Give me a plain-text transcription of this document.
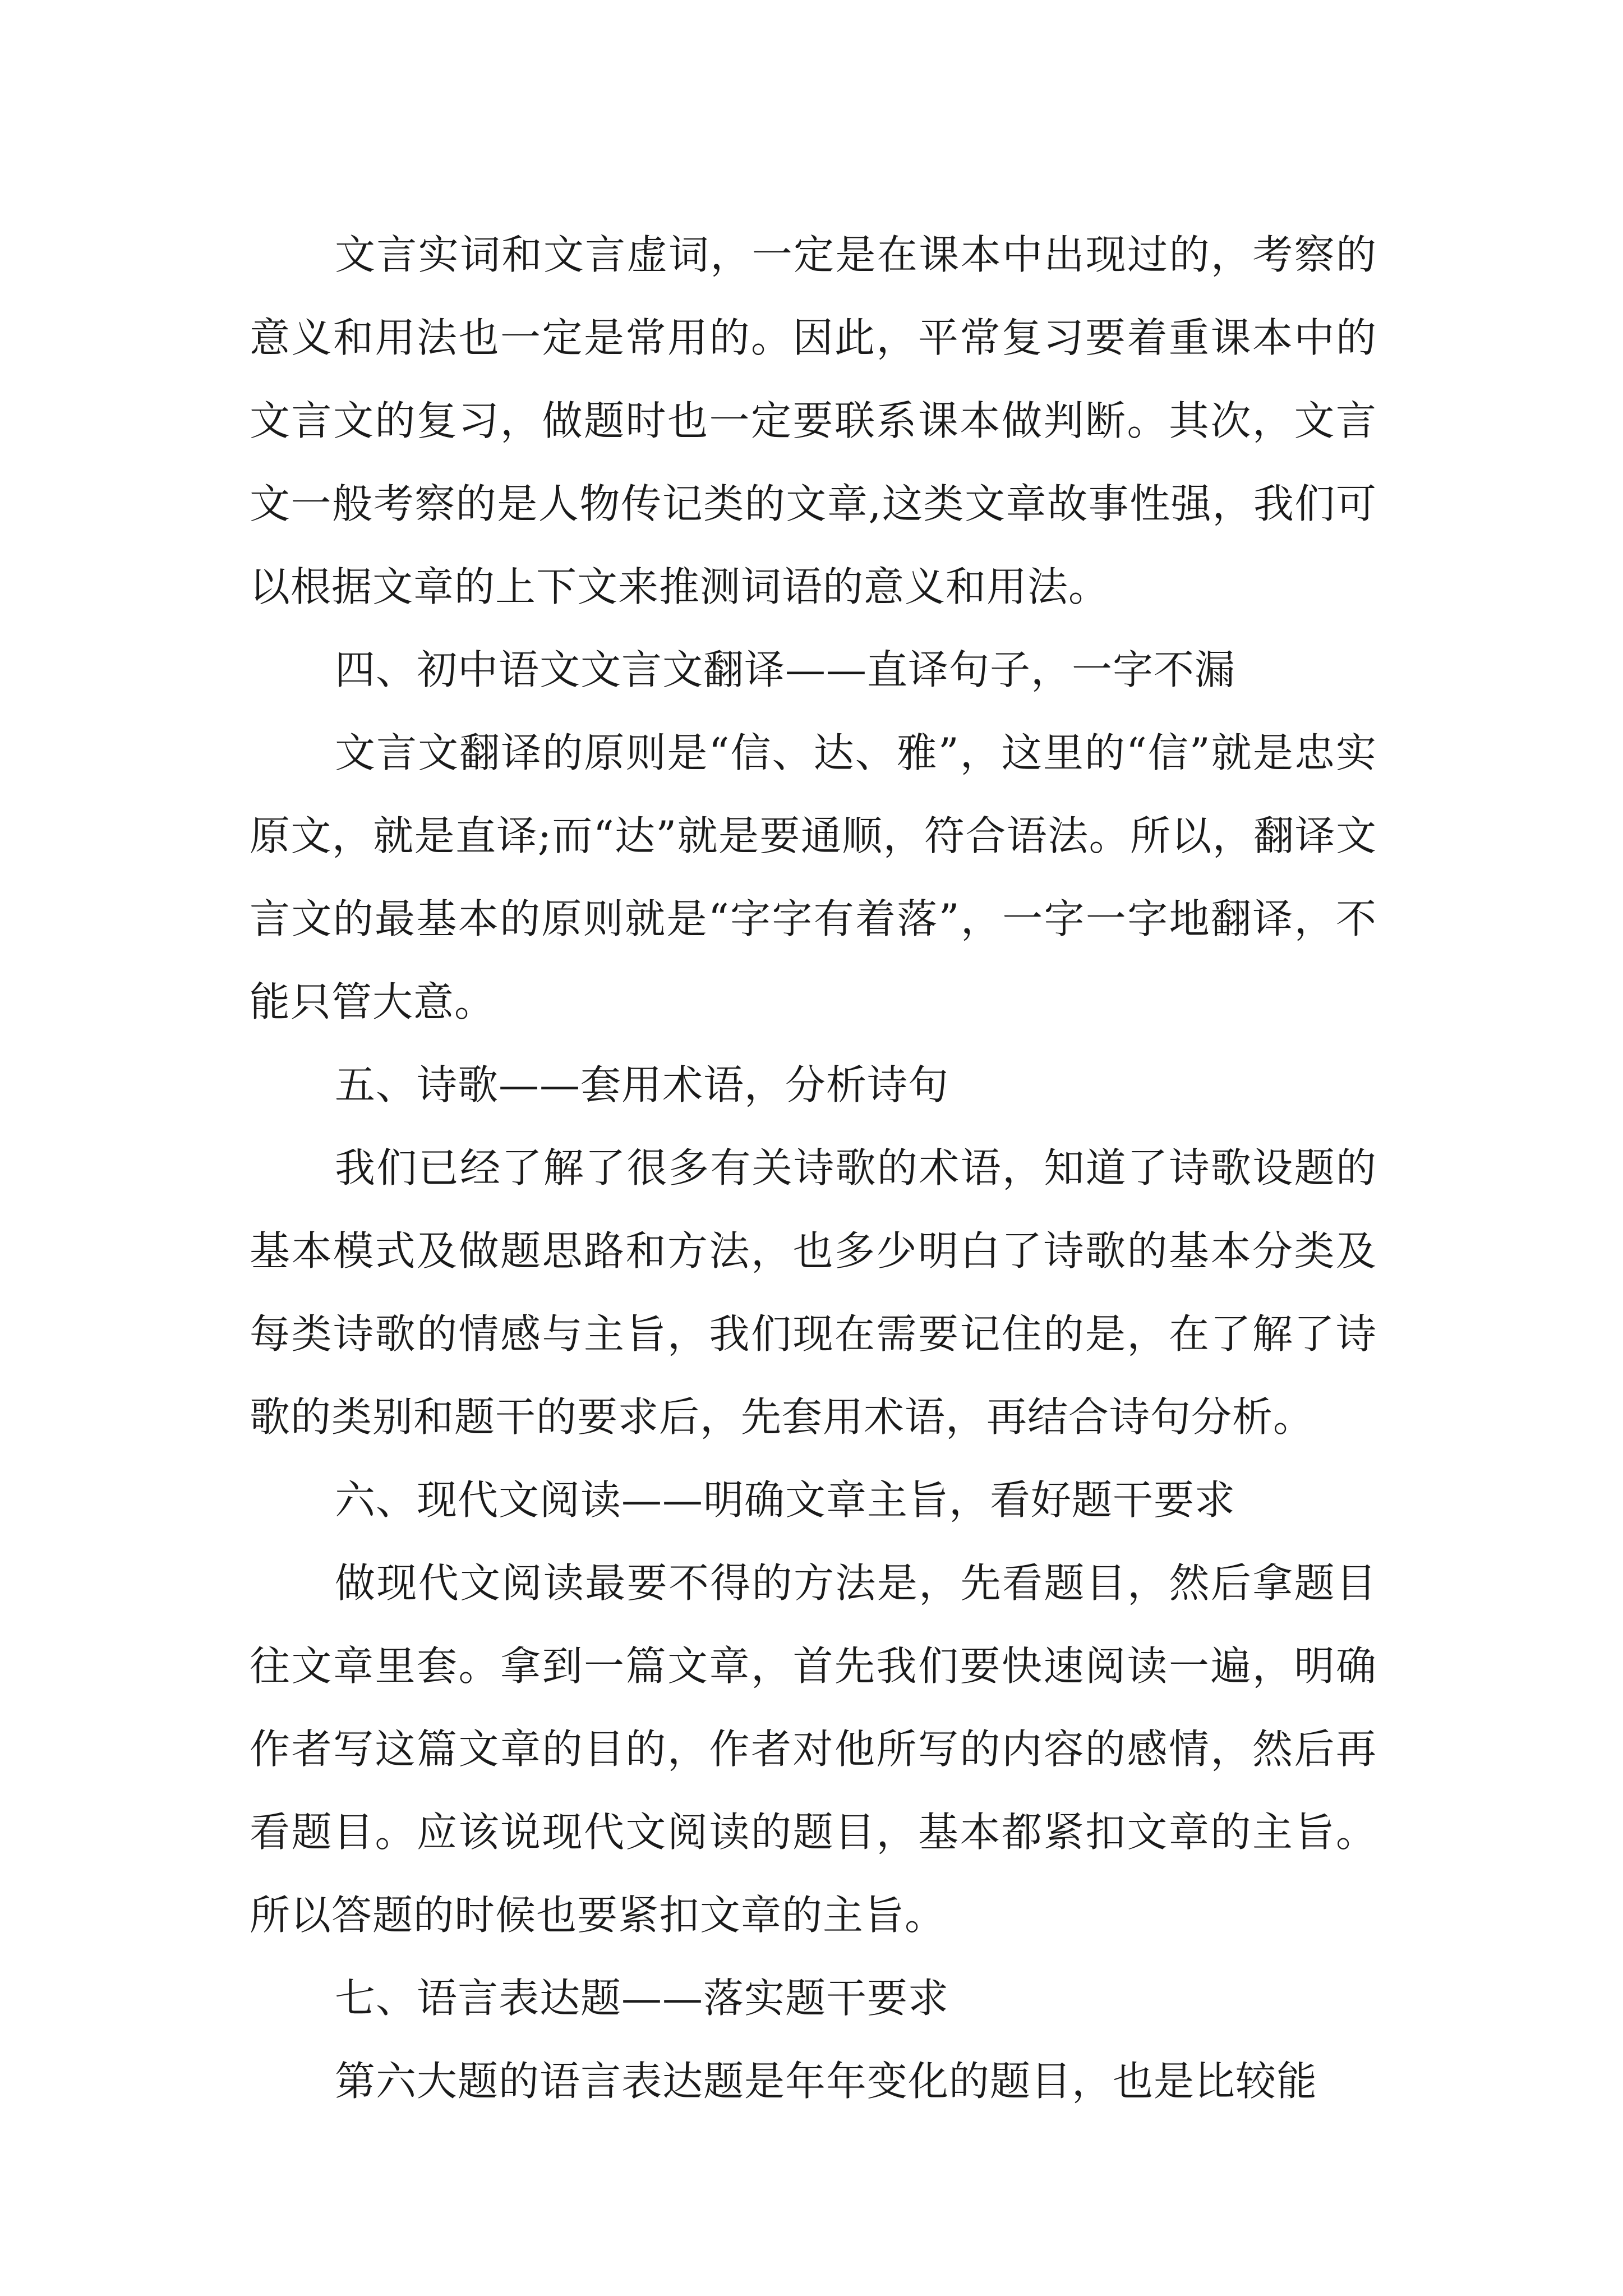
文言实词和文言虚词，一定是在课本中出现过的，考察的意义和用法也一定是常用的。因此，平常复习要着重课本中的文言文的复习，做题时也一定要联系课本做判断。其次，文言文一般考察的是人物传记类的文章,这类文章故事性强，我们可以根据文章的上下文来推测词语的意义和用法。

四、初中语文文言文翻译——直译句子，一字不漏

文言文翻译的原则是“信、达、雅”，这里的“信”就是忠实原文，就是直译;而“达”就是要通顺，符合语法。所以，翻译文言文的最基本的原则就是“字字有着落”，一字一字地翻译，不能只管大意。

五、诗歌——套用术语，分析诗句

我们已经了解了很多有关诗歌的术语，知道了诗歌设题的基本模式及做题思路和方法，也多少明白了诗歌的基本分类及每类诗歌的情感与主旨，我们现在需要记住的是，在了解了诗歌的类别和题干的要求后，先套用术语，再结合诗句分析。

六、现代文阅读——明确文章主旨，看好题干要求

做现代文阅读最要不得的方法是，先看题目，然后拿题目往文章里套。拿到一篇文章，首先我们要快速阅读一遍，明确作者写这篇文章的目的，作者对他所写的内容的感情，然后再看题目。应该说现代文阅读的题目，基本都紧扣文章的主旨。所以答题的时候也要紧扣文章的主旨。

七、语言表达题——落实题干要求

第六大题的语言表达题是年年变化的题目，也是比较能
